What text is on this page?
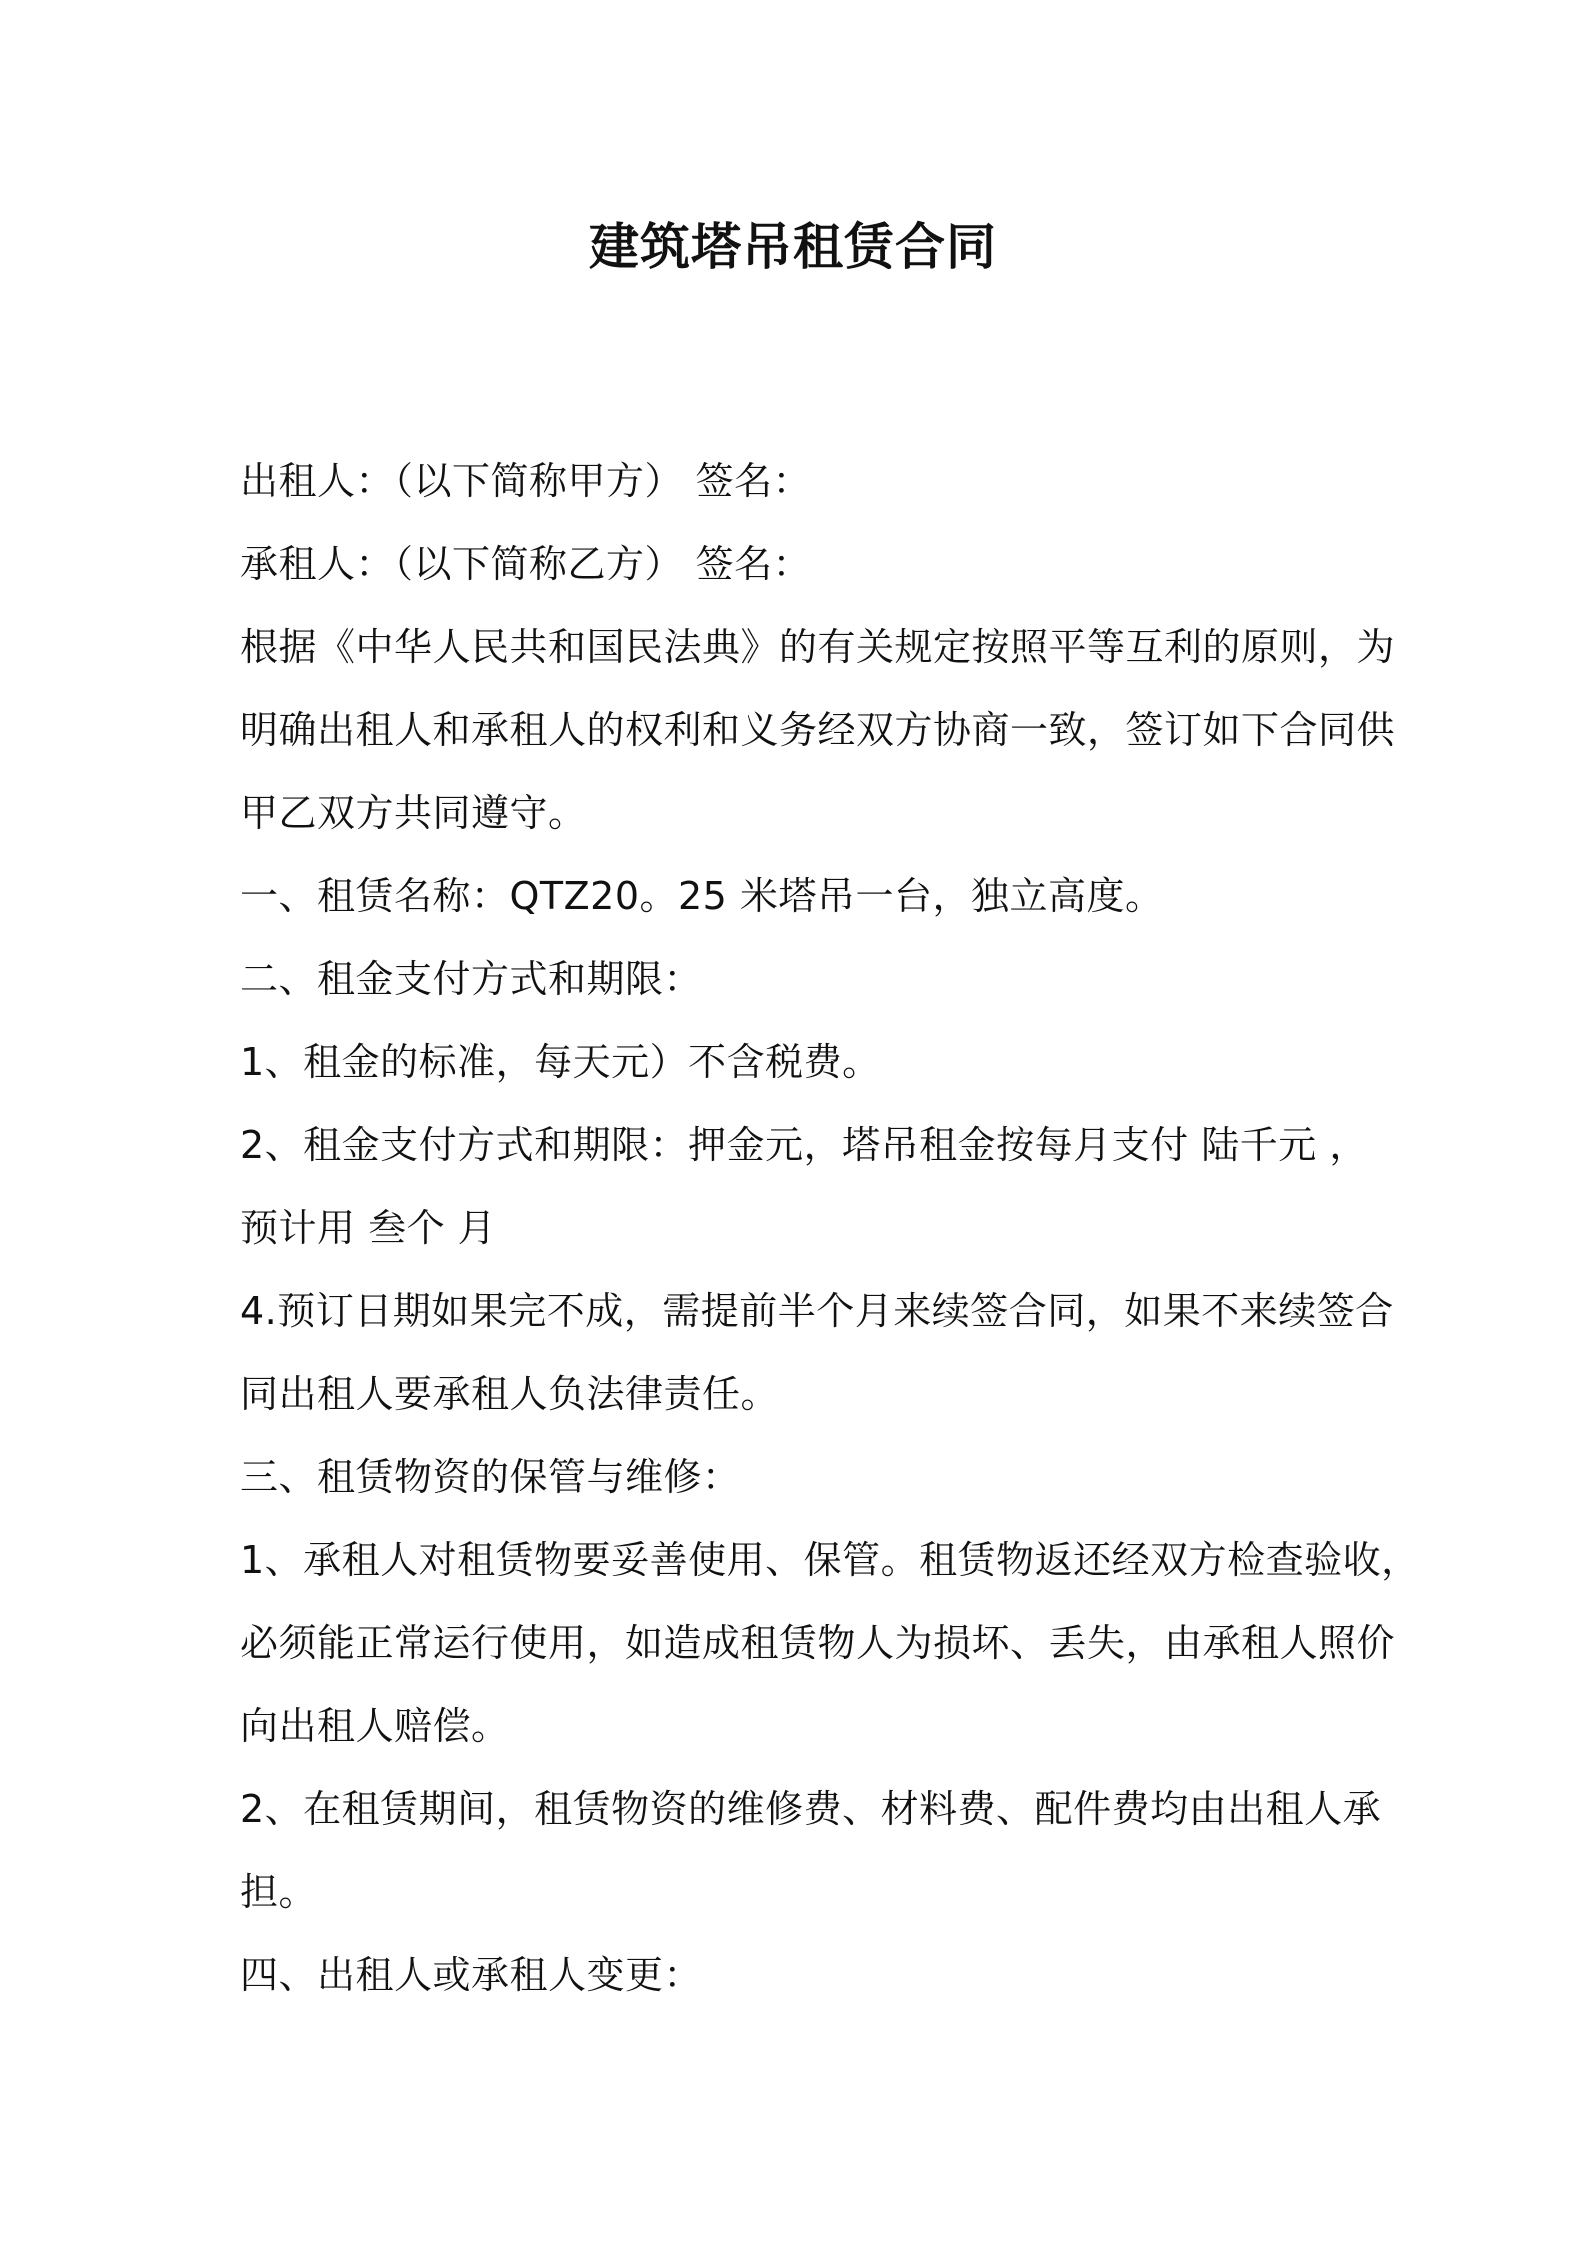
建筑塔吊租赁合同
出租人：（以下简称甲方） 签名：
承租人：（以下简称乙方） 签名：
根据《中华人民共和国民法典》的有关规定按照平等互利的原则，为
明确出租人和承租人的权利和义务经双方协商一致，签订如下合同供
甲乙双方共同遵守。
一、租赁名称：QTZ20。25 米塔吊一台，独立高度。
二、租金支付方式和期限：
1、租金的标准，每天元）不含税费。
2、租金支付方式和期限：押金元，塔吊租金按每月支付 陆千元 ，
预计用 叁个 月
4.预订日期如果完不成，需提前半个月来续签合同，如果不来续签合
同出租人要承租人负法律责任。
三、租赁物资的保管与维修：
1、承租人对租赁物要妥善使用、保管。租赁物返还经双方检查验收，
必须能正常运行使用，如造成租赁物人为损坏、丢失，由承租人照价
向出租人赔偿。
2、在租赁期间，租赁物资的维修费、材料费、配件费均由出租人承
担。
四、出租人或承租人变更：
